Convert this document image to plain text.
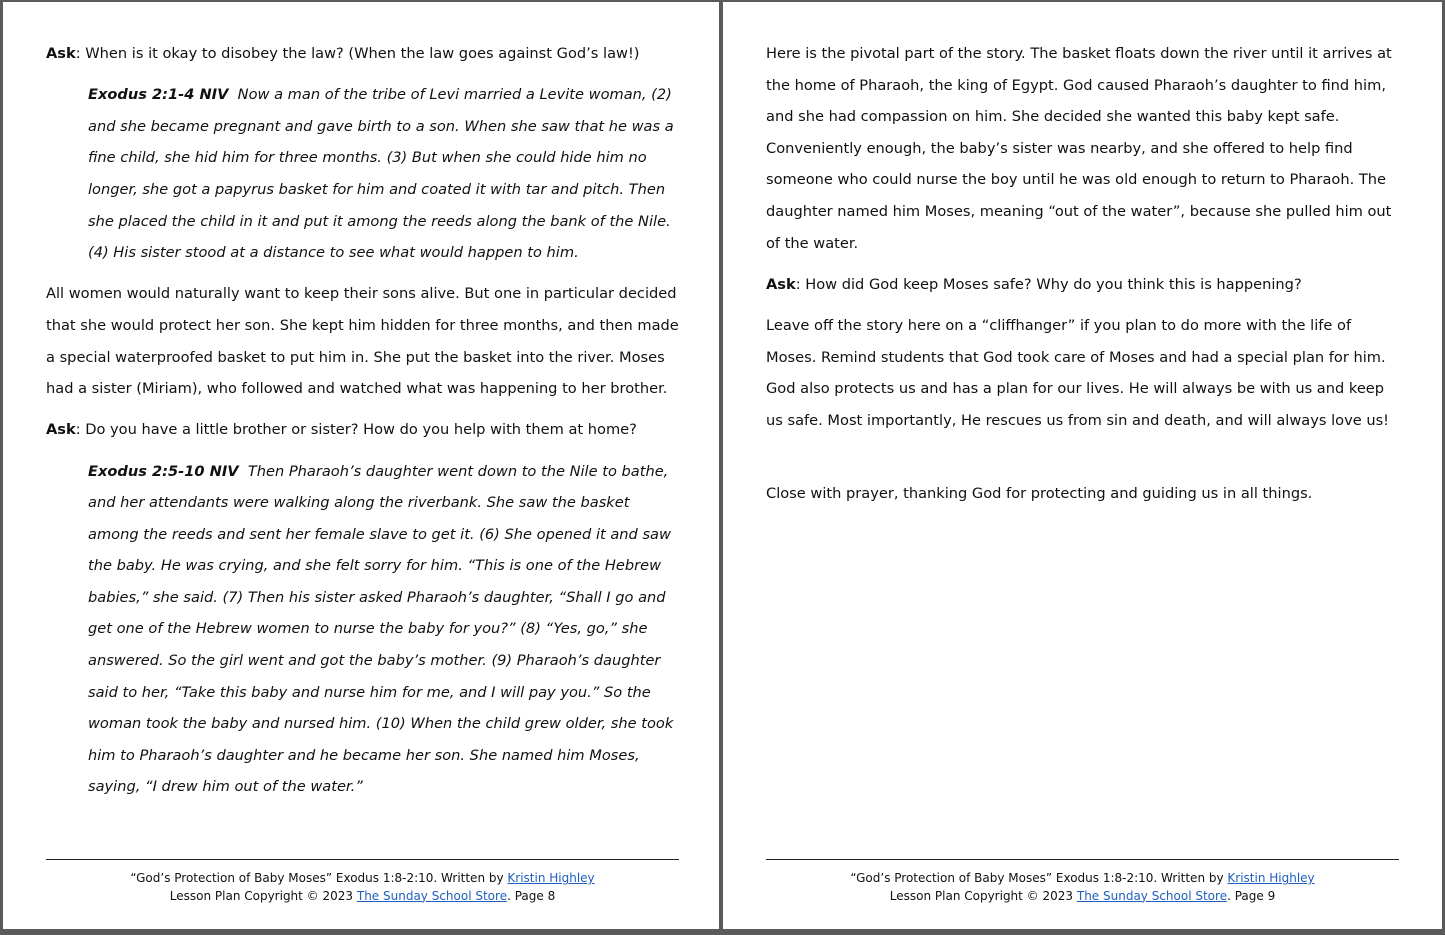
Ask: When is it okay to disobey the law? (When the law goes against God’s law!)

Exodus 2:1-4 NIV Now a man of the tribe of Levi married a Levite woman, (2) and she became pregnant and gave birth to a son. When she saw that he was a fine child, she hid him for three months. (3) But when she could hide him no longer, she got a papyrus basket for him and coated it with tar and pitch. Then she placed the child in it and put it among the reeds along the bank of the Nile. (4) His sister stood at a distance to see what would happen to him.

All women would naturally want to keep their sons alive. But one in particular decided that she would protect her son. She kept him hidden for three months, and then made a special waterproofed basket to put him in. She put the basket into the river. Moses had a sister (Miriam), who followed and watched what was happening to her brother.

Ask: Do you have a little brother or sister? How do you help with them at home?

Exodus 2:5-10 NIV Then Pharaoh’s daughter went down to the Nile to bathe, and her attendants were walking along the riverbank. She saw the basket among the reeds and sent her female slave to get it. (6) She opened it and saw the baby. He was crying, and she felt sorry for him. “This is one of the Hebrew babies,” she said. (7) Then his sister asked Pharaoh’s daughter, “Shall I go and get one of the Hebrew women to nurse the baby for you?” (8) “Yes, go,” she answered. So the girl went and got the baby’s mother. (9) Pharaoh’s daughter said to her, “Take this baby and nurse him for me, and I will pay you.” So the woman took the baby and nursed him. (10) When the child grew older, she took him to Pharaoh’s daughter and he became her son. She named him Moses, saying, “I drew him out of the water.”

“God’s Protection of Baby Moses” Exodus 1:8-2:10. Written by Kristin Highley
Lesson Plan Copyright © 2023 The Sunday School Store. Page 8

Here is the pivotal part of the story. The basket floats down the river until it arrives at the home of Pharaoh, the king of Egypt. God caused Pharaoh’s daughter to find him, and she had compassion on him. She decided she wanted this baby kept safe. Conveniently enough, the baby’s sister was nearby, and she offered to help find someone who could nurse the boy until he was old enough to return to Pharaoh. The daughter named him Moses, meaning “out of the water”, because she pulled him out of the water.

Ask: How did God keep Moses safe? Why do you think this is happening?

Leave off the story here on a “cliffhanger” if you plan to do more with the life of Moses. Remind students that God took care of Moses and had a special plan for him. God also protects us and has a plan for our lives. He will always be with us and keep us safe. Most importantly, He rescues us from sin and death, and will always love us!

Close with prayer, thanking God for protecting and guiding us in all things.

“God’s Protection of Baby Moses” Exodus 1:8-2:10. Written by Kristin Highley
Lesson Plan Copyright © 2023 The Sunday School Store. Page 9
